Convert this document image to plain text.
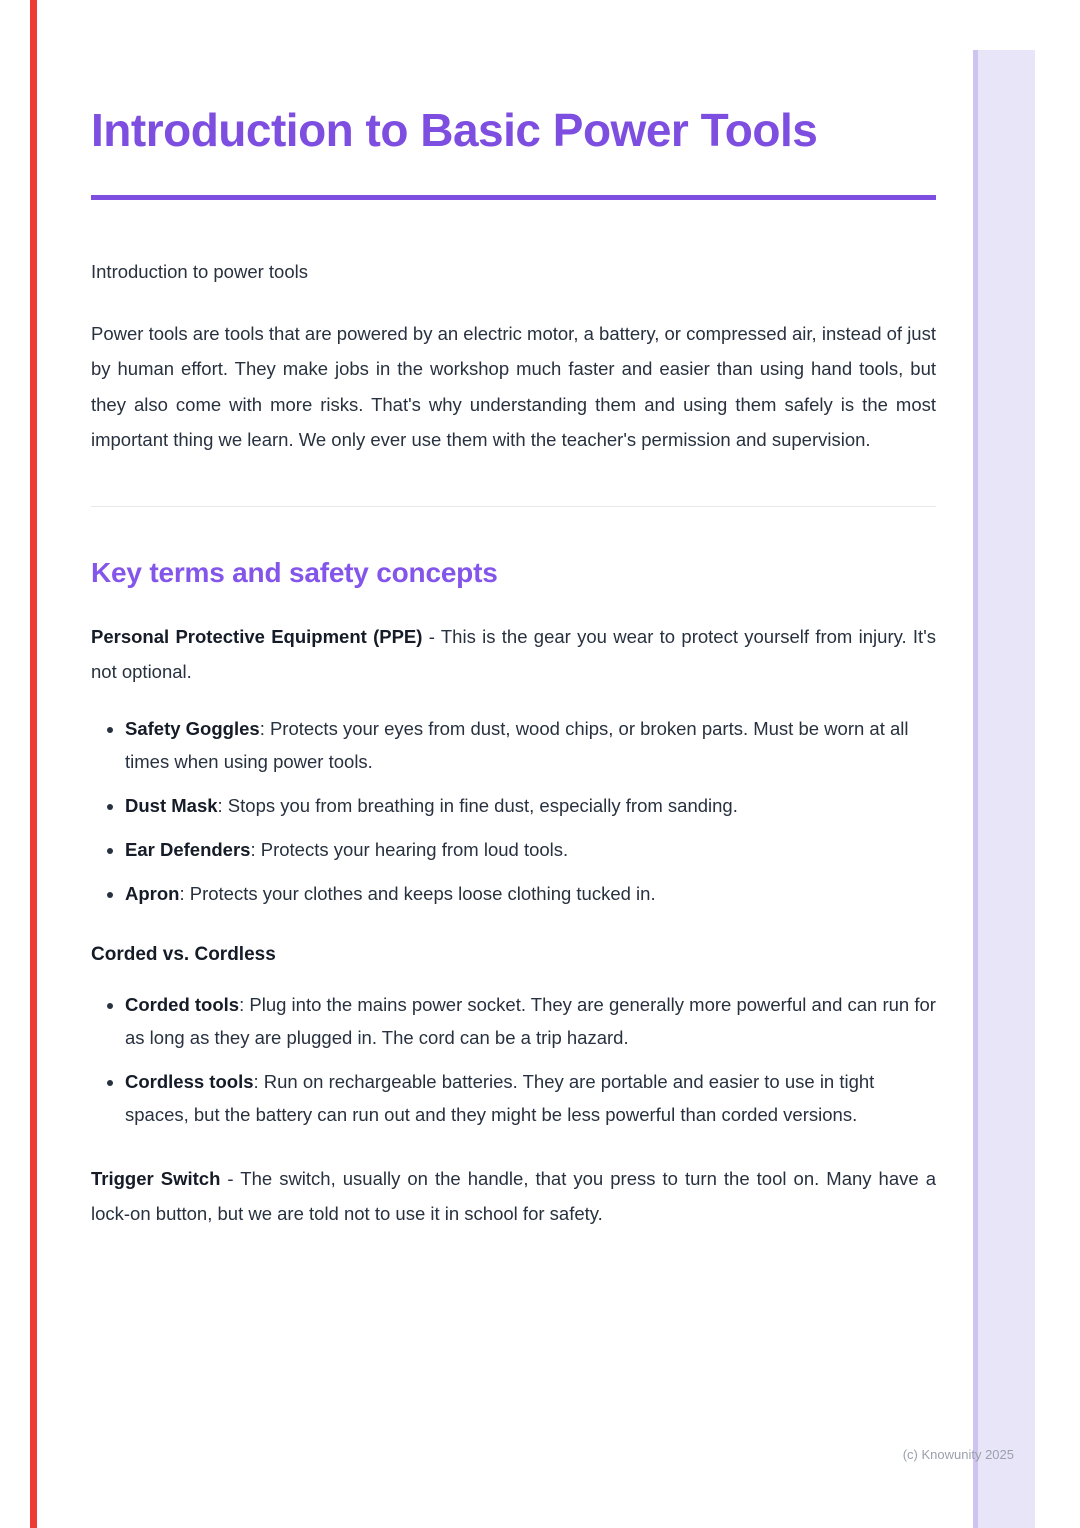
Introduction to Basic Power Tools
Introduction to power tools

Power tools are tools that are powered by an electric motor, a battery, or compressed air, instead of just by human effort. They make jobs in the workshop much faster and easier than using hand tools, but they also come with more risks. That's why understanding them and using them safely is the most important thing we learn. We only ever use them with the teacher's permission and supervision.

Key terms and safety concepts

Personal Protective Equipment (PPE) - This is the gear you wear to protect yourself from injury. It's not optional.

• Safety Goggles: Protects your eyes from dust, wood chips, or broken parts. Must be worn at all times when using power tools.
• Dust Mask: Stops you from breathing in fine dust, especially from sanding.
• Ear Defenders: Protects your hearing from loud tools.
• Apron: Protects your clothes and keeps loose clothing tucked in.
Corded vs. Cordless
• Corded tools: Plug into the mains power socket. They are generally more powerful and can run for as long as they are plugged in. The cord can be a trip hazard.
• Cordless tools: Run on rechargeable batteries. They are portable and easier to use in tight spaces, but the battery can run out and they might be less powerful than corded versions.

Trigger Switch - The switch, usually on the handle, that you press to turn the tool on. Many have a lock-on button, but we are told not to use it in school for safety.

(c) Knowunity 2025
